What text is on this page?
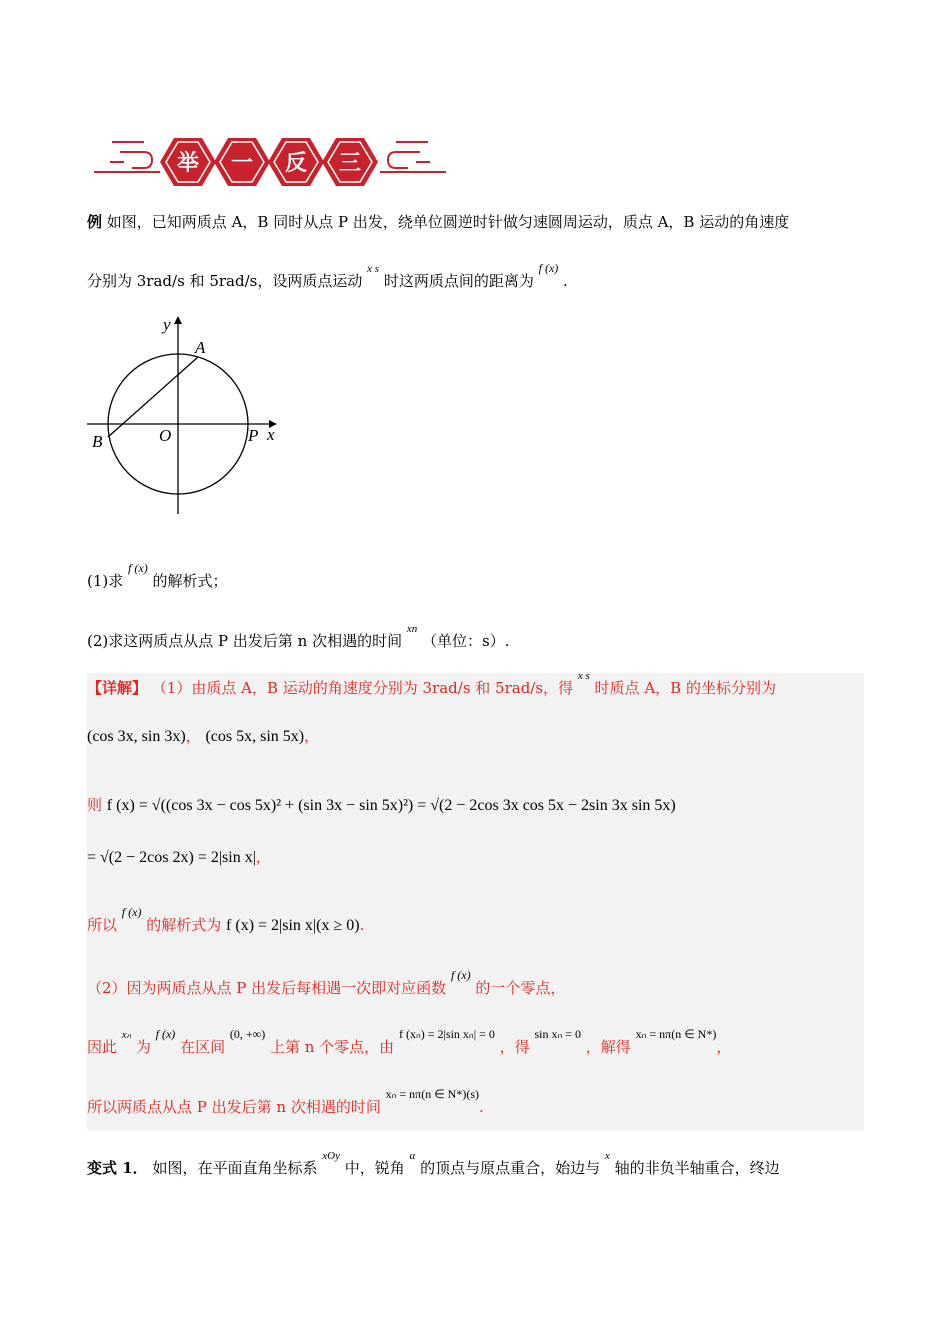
举 一 反 三
例 如图，已知两质点 A，B 同时从点 P 出发，绕单位圆逆时针做匀速圆周运动，质点 A，B 运动的角速度
分别为 3rad/s 和 5rad/s，设两质点运动 $^{x s}$ 时这两质点间的距离为 $^{f (x)}$ .
y
x
A
B	O	P
(1)求 $^{f (x)}$ 的解析式；
(2)求这两质点从点 P 出发后第 n 次相遇的时间 $^{xn}$ （单位：s）.
【详解】 （1）由质点 A，B 运动的角速度分别为 3rad/s 和 5rad/s，得 $^{x s}$ 时质点 A，B 的坐标分别为
(cos 3x, sin 3x)， (cos 5x, sin 5x)，
则 f (x) = √((cos 3x − cos 5x)² + (sin 3x − sin 5x)²) = √(2 − 2cos 3x cos 5x − 2sin 3x sin 5x)
= √(2 − 2cos 2x) = 2|sin x|，
所以 $^{f (x)}$ 的解析式为 f (x) = 2|sin x|(x ≥ 0).
（2）因为两质点从点 P 出发后每相遇一次即对应函数 $^{f (x)}$ 的一个零点，
因此 $^{x_n}$ 为 $^{f (x)}$ 在区间 $^{(0, +\infty)}$ 上第 n 个零点，由 $^{f (x_n) = 2|sin x_n| = 0}$ ，得 $^{sin x_n = 0}$ ，解得 $^{x_n = n\pi(n \in N*)}$，
所以两质点从点 P 出发后第 n 次相遇的时间 $^{x_n = n\pi(n \in N*)(s)}$.
变式 1． 如图，在平面直角坐标系 $^{xOy}$ 中，锐角 $^\alpha$ 的顶点与原点重合，始边与 $^x$ 轴的非负半轴重合，终边
